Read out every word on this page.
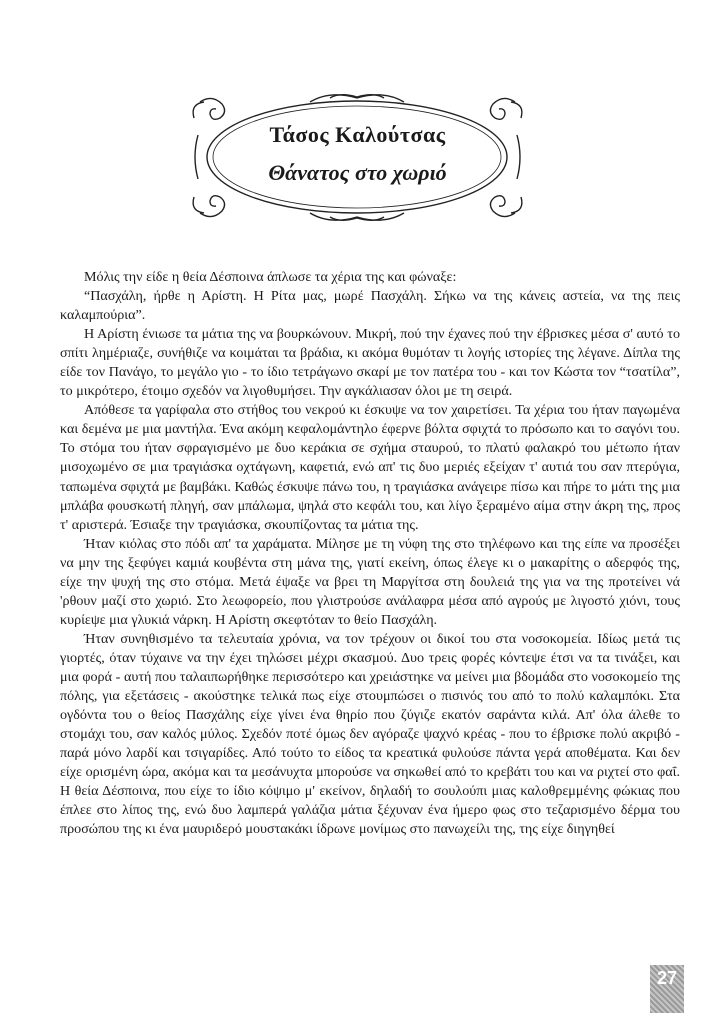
Τάσος Καλούτσας
Θάνατος στο χωριό

Μόλις την είδε η θεία Δέσποινα άπλωσε τα χέρια της και φώναξε:

“Πασχάλη, ήρθε η Αρίστη. Η Ρίτα μας, μωρέ Πασχάλη. Σήκω να της κάνεις αστεία, να της πεις καλαμπούρια”.

Η Αρίστη ένιωσε τα μάτια της να βουρκώνουν. Μικρή, πού την έχανες πού την έβρισκες μέσα σ' αυτό το σπίτι λημέριαζε, συνήθιζε να κοιμάται τα βράδια, κι ακόμα θυμόταν τι λογής ιστορίες της λέγανε. Δίπλα της είδε τον Πανάγο, το μεγάλο γιο - το ίδιο τετράγωνο σκαρί με τον πατέρα του - και τον Κώστα τον “τσατίλα”, το μικρότερο, έτοιμο σχεδόν να λιγοθυμήσει. Την αγκάλιασαν όλοι με τη σειρά.

Απόθεσε τα γαρίφαλα στο στήθος του νεκρού κι έσκυψε να τον χαιρετίσει. Τα χέρια του ήταν παγωμένα και δεμένα με μια μαντήλα. Ένα ακόμη κεφαλομάντηλο έφερνε βόλτα σφιχτά το πρόσωπο και το σαγόνι του. Το στόμα του ήταν σφραγισμένο με δυο κεράκια σε σχήμα σταυρού, το πλατύ φαλακρό του μέτωπο ήταν μισοχωμένο σε μια τραγιάσκα οχτάγωνη, καφετιά, ενώ απ' τις δυο μεριές εξείχαν τ' αυτιά του σαν πτερύγια, ταπωμένα σφιχτά με βαμβάκι. Καθώς έσκυψε πάνω του, η τραγιάσκα ανάγειρε πίσω και πήρε το μάτι της μια μπλάβα φουσκωτή πληγή, σαν μπάλωμα, ψηλά στο κεφάλι του, και λίγο ξεραμένο αίμα στην άκρη της, προς τ' αριστερά. Έσιαξε την τραγιάσκα, σκουπίζοντας τα μάτια της.

Ήταν κιόλας στο πόδι απ' τα χαράματα. Μίλησε με τη νύφη της στο τηλέφωνο και της είπε να προσέξει να μην της ξεφύγει καμιά κουβέντα στη μάνα της, γιατί εκείνη, όπως έλεγε κι ο μακαρίτης ο αδερφός της, είχε την ψυχή της στο στόμα. Μετά έψαξε να βρει τη Μαργίτσα στη δουλειά της για να της προτείνει νά 'ρθουν μαζί στο χωριό. Στο λεωφορείο, που γλιστρούσε ανάλαφρα μέσα από αγρούς με λιγοστό χιόνι, τους κυρίεψε μια γλυκιά νάρκη. Η Αρίστη σκεφτόταν το θείο Πασχάλη.

Ήταν συνηθισμένο τα τελευταία χρόνια, να τον τρέχουν οι δικοί του στα νοσοκομεία. Ιδίως μετά τις γιορτές, όταν τύχαινε να την έχει τηλώσει μέχρι σκασμού. Δυο τρεις φορές κόντεψε έτσι να τα τινάξει, και μια φορά - αυτή που ταλαιπωρήθηκε περισσότερο και χρειάστηκε να μείνει μια βδομάδα στο νοσοκομείο της πόλης, για εξετάσεις - ακούστηκε τελικά πως είχε στουμπώσει ο πισινός του από το πολύ καλαμπόκι. Στα ογδόντα του ο θείος Πασχάλης είχε γίνει ένα θηρίο που ζύγιζε εκατόν σαράντα κιλά. Απ' όλα άλεθε το στομάχι του, σαν καλός μύλος. Σχεδόν ποτέ όμως δεν αγόραζε ψαχνό κρέας - που το έβρισκε πολύ ακριβό - παρά μόνο λαρδί και τσιγαρίδες. Από τούτο το είδος τα κρεατικά φυλούσε πάντα γερά αποθέματα. Και δεν είχε ορισμένη ώρα, ακόμα και τα μεσάνυχτα μπορούσε να σηκωθεί από το κρεβάτι του και να ριχτεί στο φαΐ. Η θεία Δέσποινα, που είχε το ίδιο κόψιμο μ' εκείνον, δηλαδή το σουλούπι μιας καλοθρεμμένης φώκιας που έπλεε στο λίπος της, ενώ δυο λαμπερά γαλάζια μάτια ξέχυναν ένα ήμερο φως στο τεζαρισμένο δέρμα του προσώπου της κι ένα μαυριδερό μουστακάκι ίδρωνε μονίμως στο πανωχείλι της, της είχε διηγηθεί

27
